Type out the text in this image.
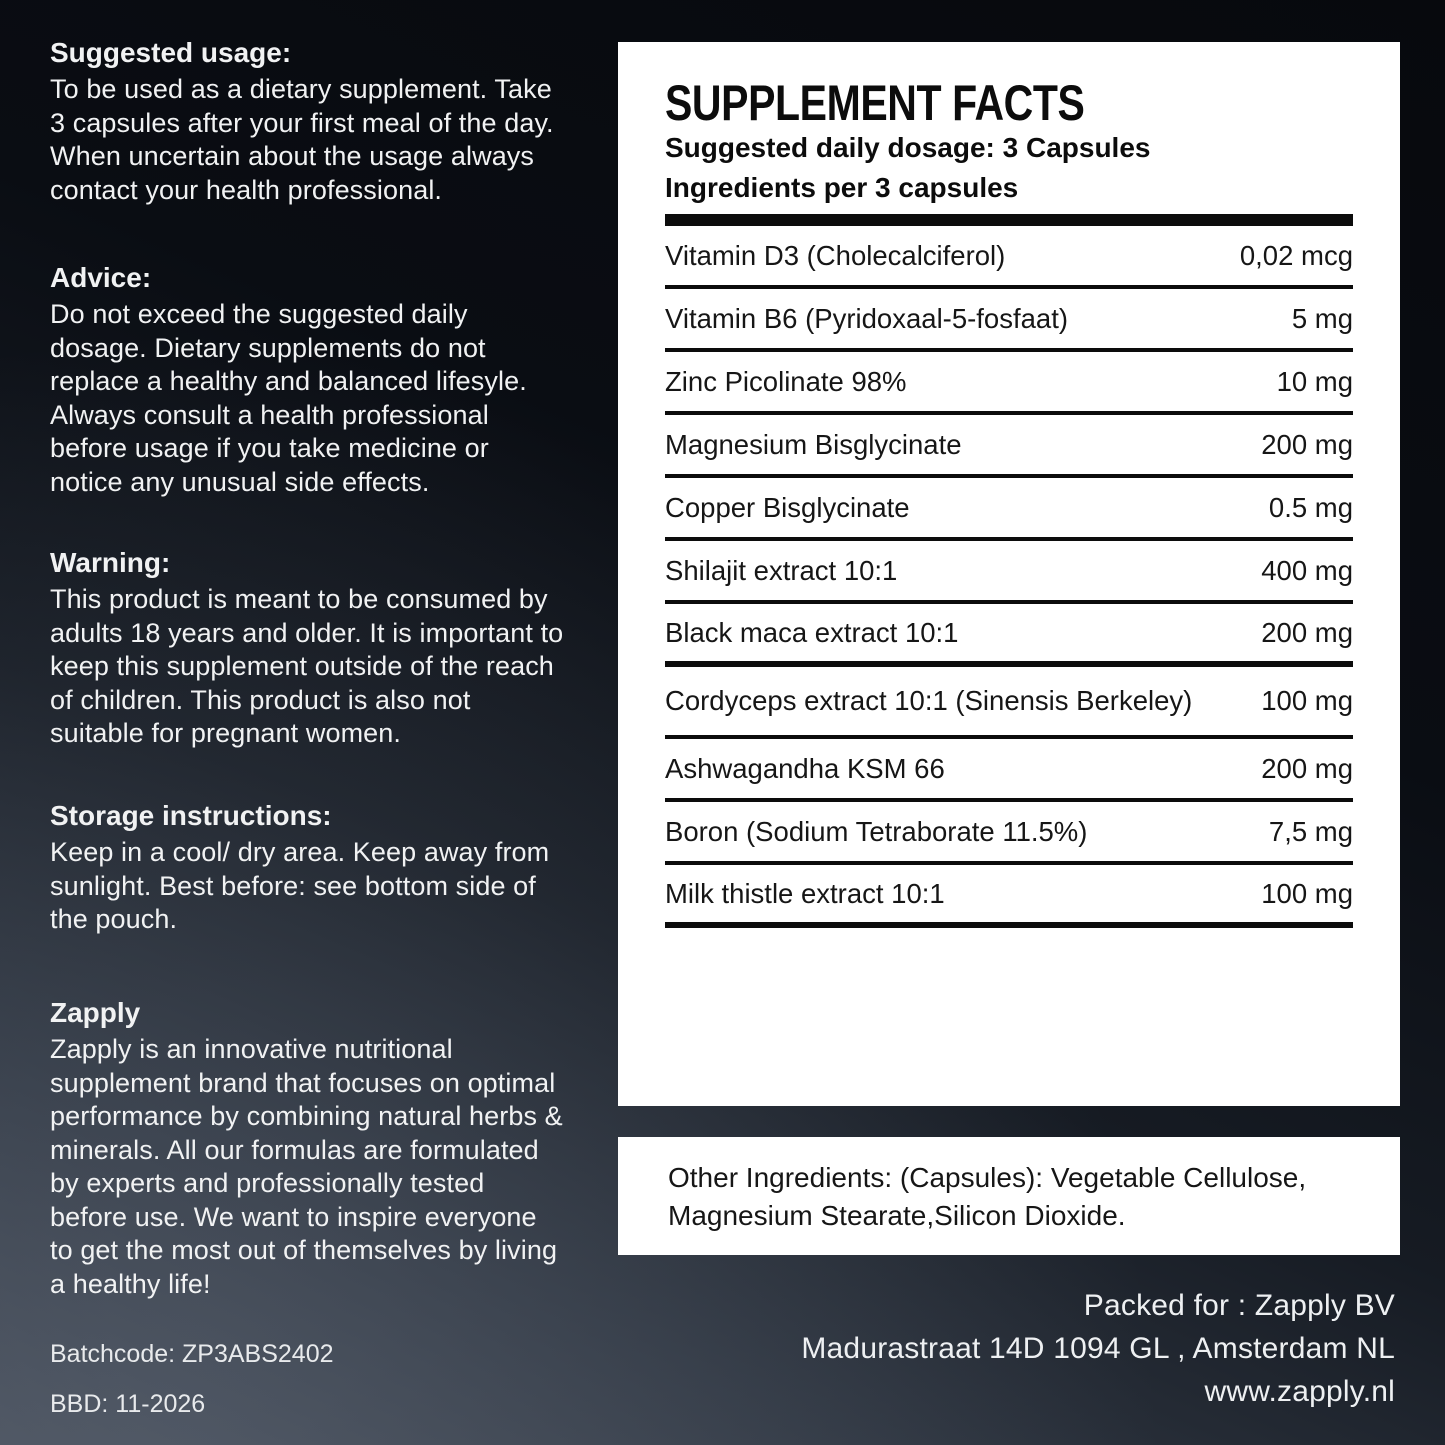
Suggested usage:

To be used as a dietary supplement. Take 3 capsules after your first meal of the day. When uncertain about the usage always contact your health professional.

Advice:

Do not exceed the suggested daily dosage. Dietary supplements do not replace a healthy and balanced lifesyle. Always consult a health professional before usage if you take medicine or notice any unusual side effects.

Warning:

This product is meant to be consumed by adults 18 years and older. It is important to keep this supplement outside of the reach of children. This product is also not suitable for pregnant women.

Storage instructions:

Keep in a cool/ dry area. Keep away from sunlight. Best before: see bottom side of the pouch.

Zapply

Zapply is an innovative nutritional supplement brand that focuses on optimal performance by combining natural herbs & minerals. All our formulas are formulated by experts and professionally tested before use. We want to inspire everyone to get the most out of themselves by living a healthy life!

Batchcode: ZP3ABS2402
BBD: 11-2026
SUPPLEMENT FACTS
Suggested daily dosage: 3 Capsules
Ingredients per 3 capsules
Vitamin D3 (Cholecalciferol)	0,02 mcg
Vitamin B6 (Pyridoxaal-5-fosfaat)	5 mg
Zinc Picolinate 98%	10 mg
Magnesium Bisglycinate	200 mg
Copper Bisglycinate	0.5 mg
Shilajit extract 10:1	400 mg
Black maca extract 10:1	200 mg
Cordyceps extract 10:1 (Sinensis Berkeley)	100 mg
Ashwagandha KSM 66	200 mg
Boron (Sodium Tetraborate 11.5%)	7,5 mg
Milk thistle extract 10:1	100 mg

Other Ingredients: (Capsules): Vegetable Cellulose, Magnesium Stearate,Silicon Dioxide.

Packed for : Zapply BV
Madurastraat 14D 1094 GL , Amsterdam NL
www.zapply.nl
